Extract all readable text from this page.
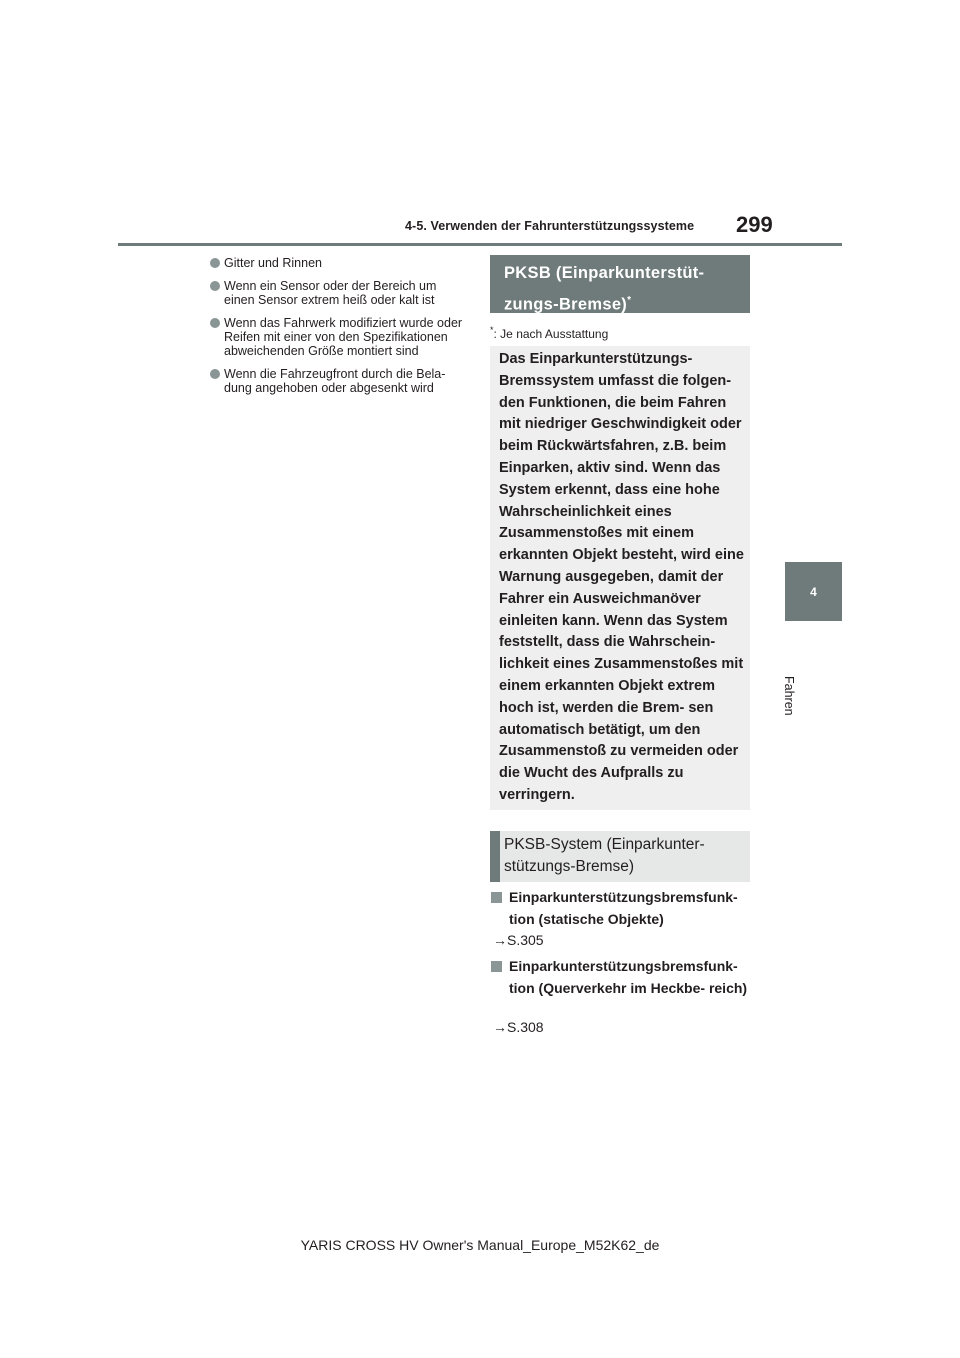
4-5. Verwenden der Fahrunterstützungssysteme 299
4
Fahren
Gitter und Rinnen
Wenn ein Sensor oder der Bereich um einen Sensor extrem heiß oder kalt ist
Wenn das Fahrwerk modifiziert wurde oder Reifen mit einer von den Spezifikationen abweichenden Größe montiert sind
Wenn die Fahrzeugfront durch die Bela- dung angehoben oder abgesenkt wird
PKSB (Einparkunterstüt- zungs-Bremse)*
*: Je nach Ausstattung
Das Einparkunterstützungs- Bremssystem umfasst die folgen- den Funktionen, die beim Fahren mit niedriger Geschwindigkeit oder beim Rückwärtsfahren, z.B. beim Einparken, aktiv sind. Wenn das System erkennt, dass eine hohe Wahrscheinlichkeit eines Zusammenstoßes mit einem erkannten Objekt besteht, wird eine Warnung ausgegeben, damit der Fahrer ein Ausweichmanöver einleiten kann. Wenn das System feststellt, dass die Wahrschein- lichkeit eines Zusammenstoßes mit einem erkannten Objekt extrem hoch ist, werden die Brem- sen automatisch betätigt, um den Zusammenstoß zu vermeiden oder die Wucht des Aufpralls zu verringern.
PKSB-System (Einparkunter- stützungs-Bremse)
Einparkunterstützungsbremsfunk- tion (statische Objekte)
→S.305
Einparkunterstützungsbremsfunk- tion (Querverkehr im Heckbe- reich)
→S.308
YARIS CROSS HV Owner's Manual_Europe_M52K62_de
